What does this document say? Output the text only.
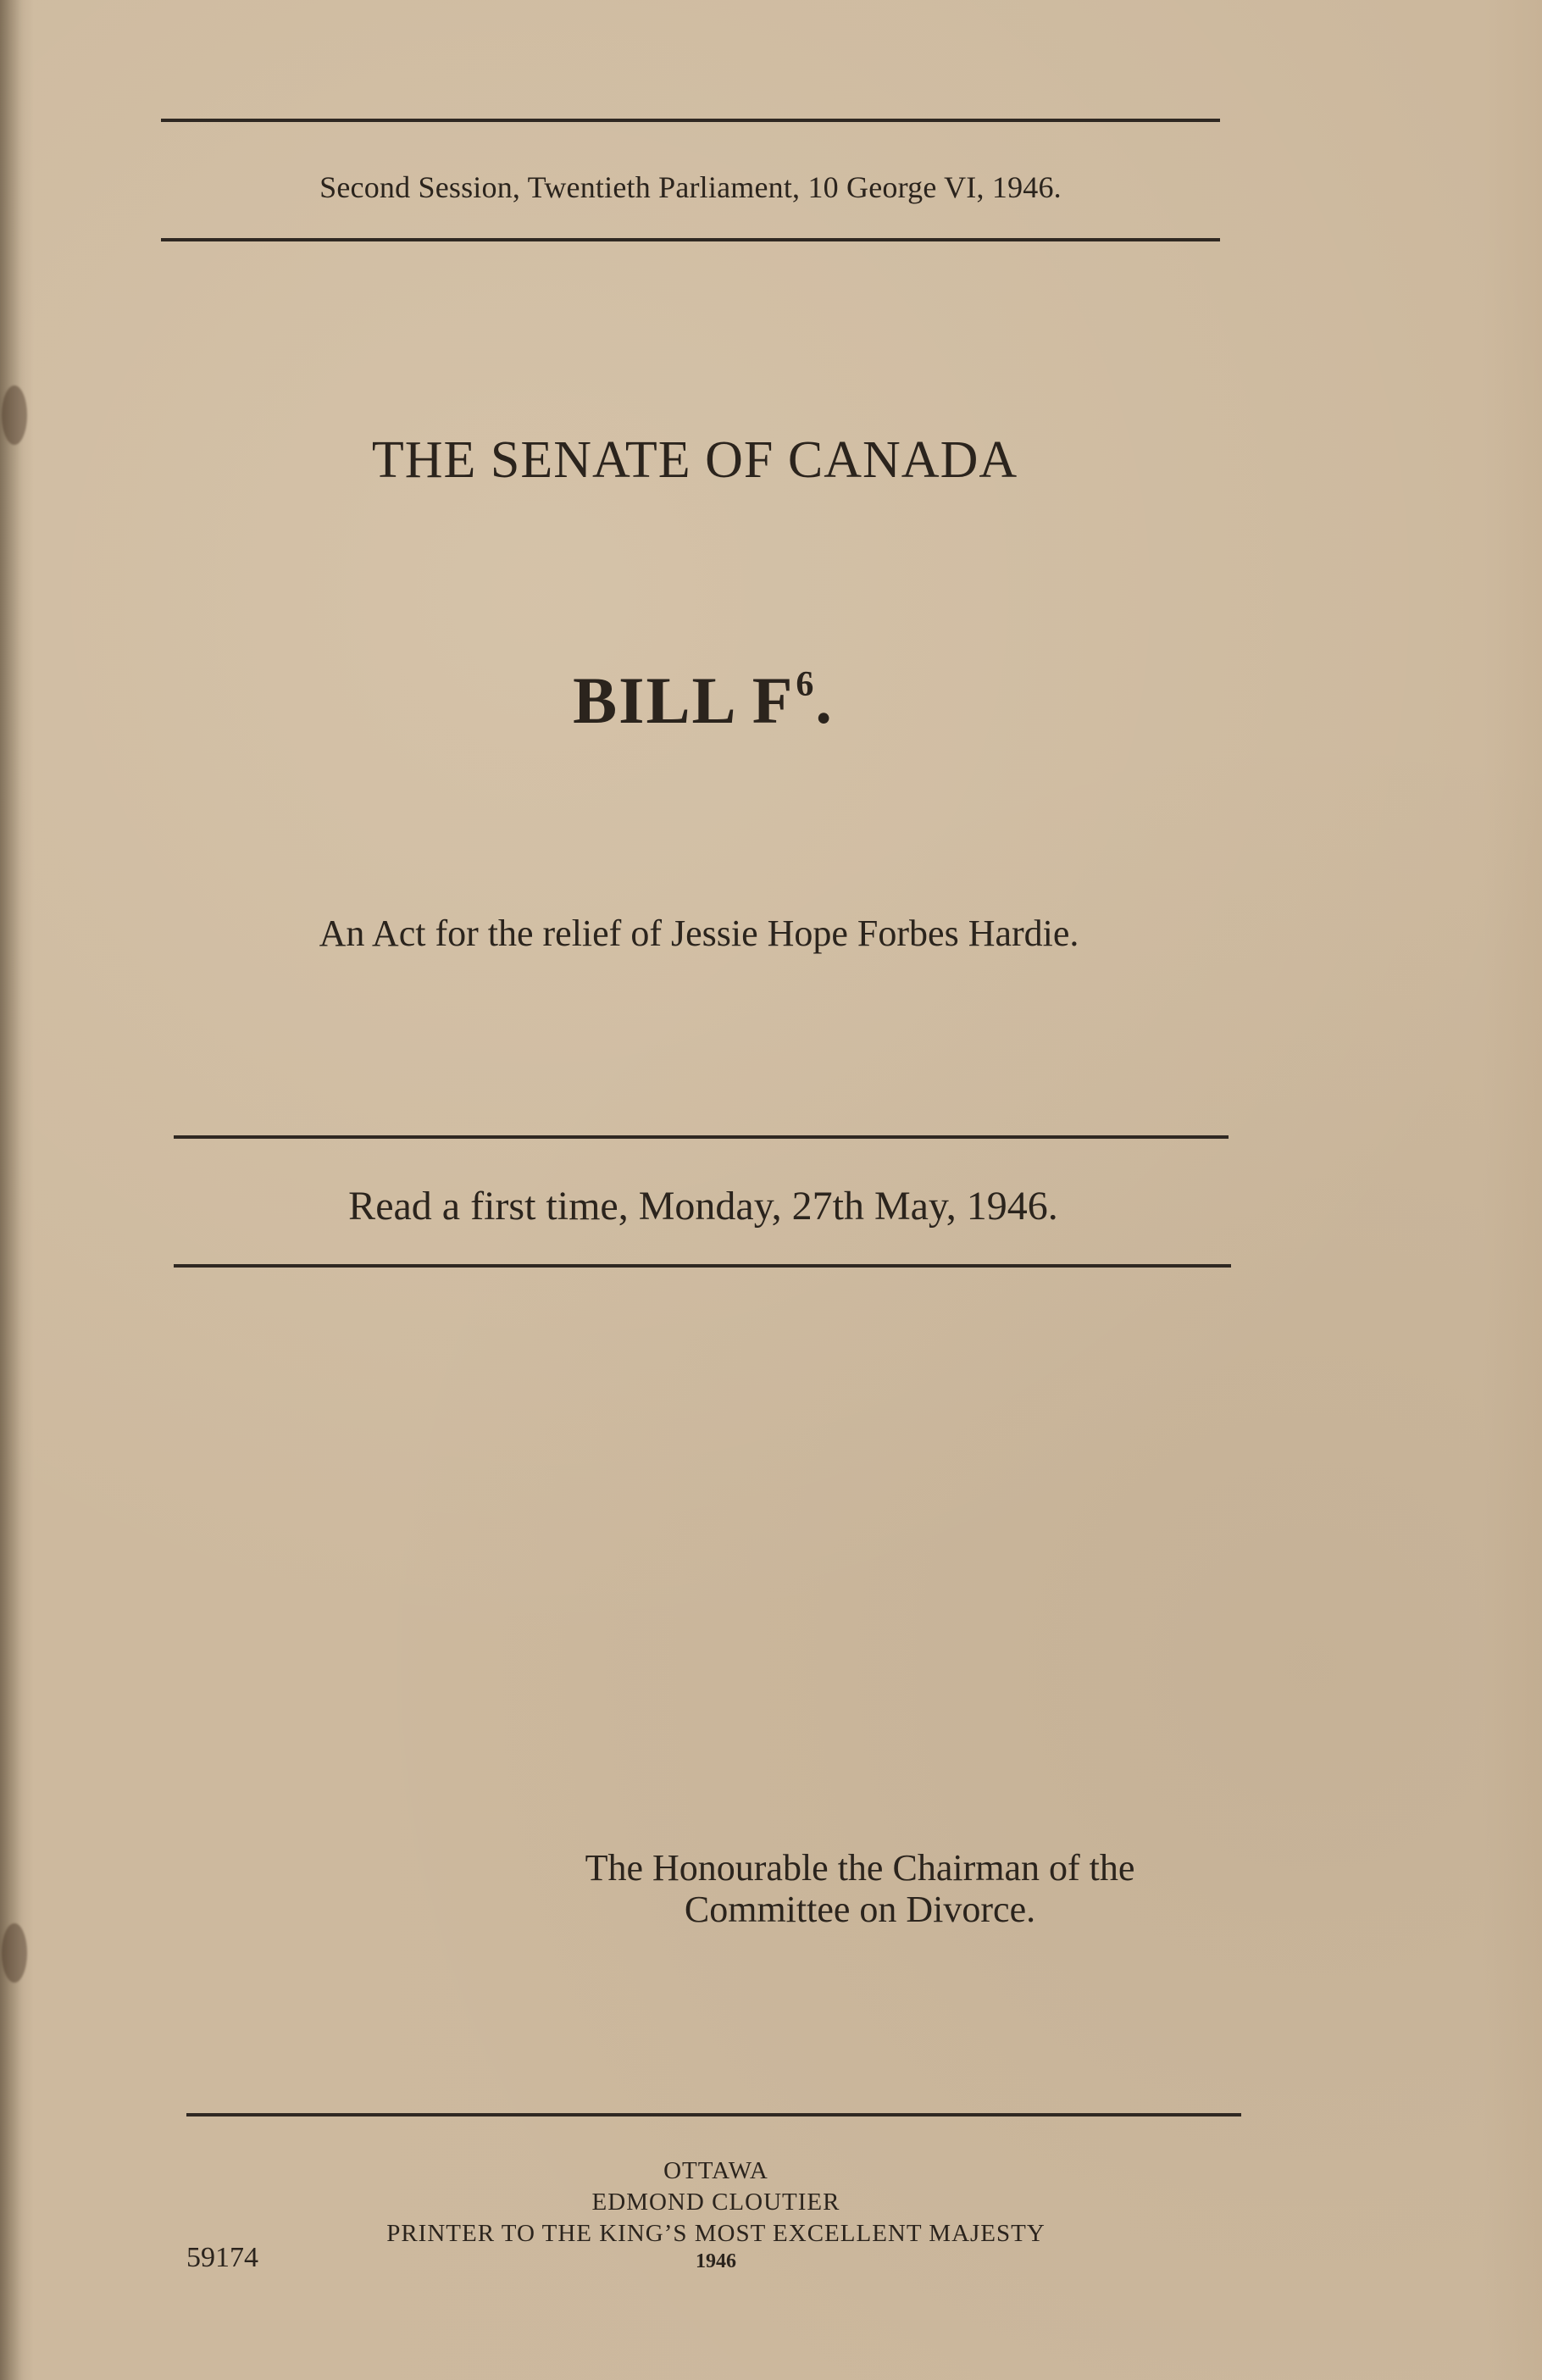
Second Session, Twentieth Parliament, 10 George VI, 1946.
THE SENATE OF CANADA
BILL F6.
An Act for the relief of Jessie Hope Forbes Hardie.
Read a first time, Monday, 27th May, 1946.
The Honourable the Chairman of the
Committee on Divorce.
OTTAWA
EDMOND CLOUTIER
PRINTER TO THE KING’S MOST EXCELLENT MAJESTY
1946
59174
